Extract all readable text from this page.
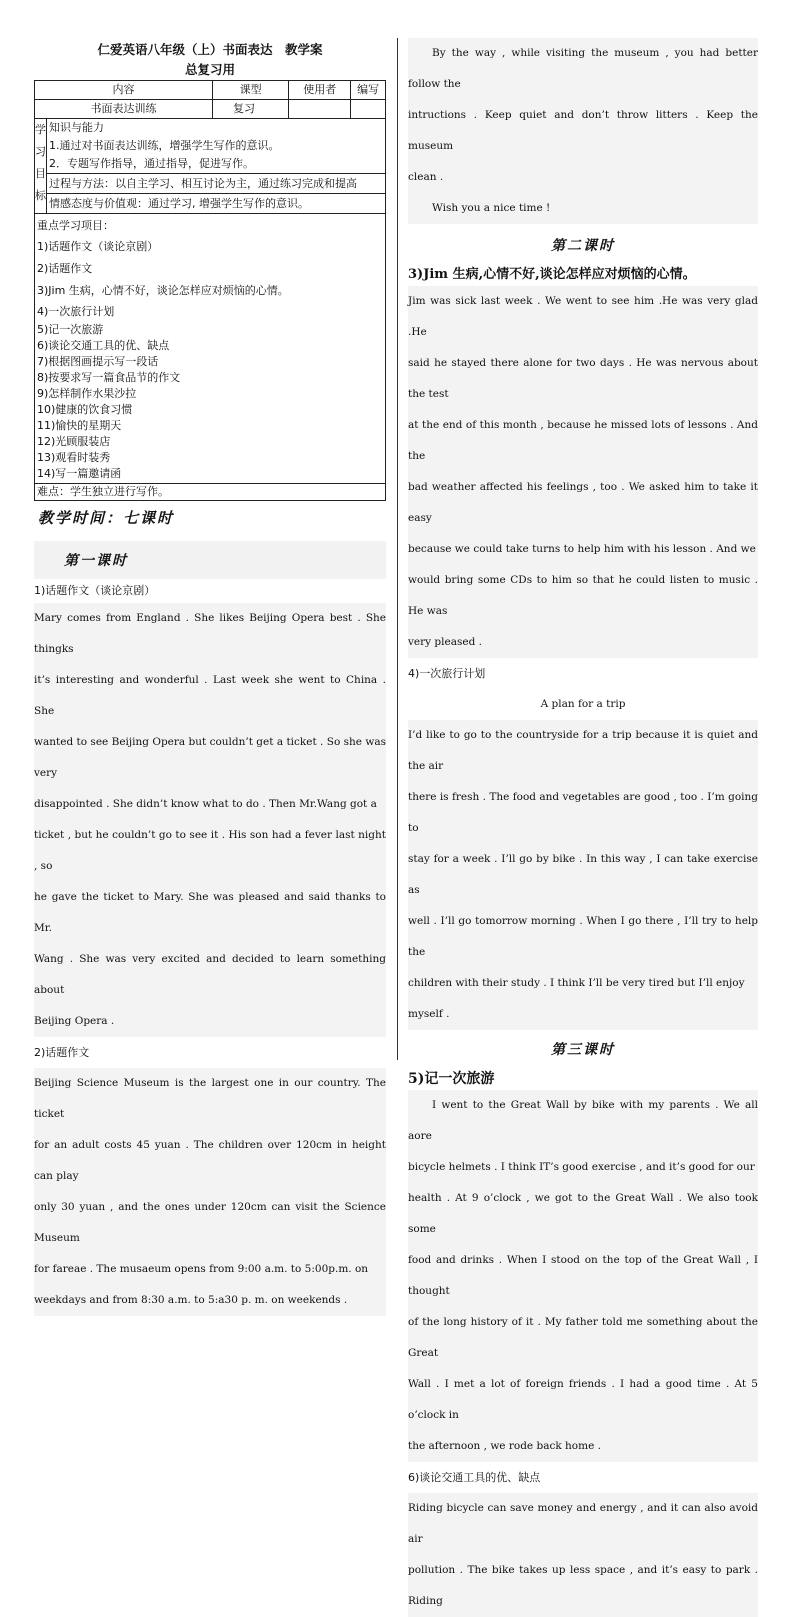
仁爱英语八年级（上）书面表达　教学案
总复习用
内容	课型	使用者	编写
书面表达训练	复习		

学
习
目
标

知识与能力
1.通过对书面表达训练，增强学生写作的意识。
2．专题写作指导，通过指导，促进写作。

过程与方法：以自主学习、相互讨论为主，通过练习完成和提高
情感态度与价值观：通过学习, 增强学生写作的意识。

重点学习项目：
1)话题作文（谈论京剧）
2)话题作文
3)Jim 生病，心情不好，谈论怎样应对烦恼的心情。
4)一次旅行计划
5)记一次旅游
6)谈论交通工具的优、缺点
7)根据图画提示写一段话
8)按要求写一篇食品节的作文
9)怎样制作水果沙拉
10)健康的饮食习惯
11)愉快的星期天
12)光顾服装店
13)观看时装秀
14)写一篇邀请函

难点：学生独立进行写作。
教学时间：七课时
第一课时
1)话题作文（谈论京剧）

Mary comes from England . She likes Beijing Opera best . She thingks

it’s interesting and wonderful . Last week she went to China . She

wanted to see Beijing Opera but couldn’t get a ticket . So she was very

disappointed . She didn’t know what to do . Then Mr.Wang got a

ticket , but he couldn’t go to see it . His son had a fever last night , so

he gave the ticket to Mary. She was pleased and said thanks to Mr.

Wang . She was very excited and decided to learn something about

Beijing Opera .

2)话题作文

Beijing Science Museum is the largest one in our country. The ticket

for an adult costs 45 yuan . The children over 120cm in height can play

only 30 yuan , and the ones under 120cm can visit the Science Museum

for fareae . The musaeum opens from 9:00 a.m. to 5:00p.m. on

weekdays and from 8:30 a.m. to 5:a30 p. m. on weekends .

By the way , while visiting the museum , you had better follow the

intructions . Keep quiet and don’t throw litters . Keep the museum

clean .

Wish you a nice time !

第二课时
3)Jim 生病,心情不好,谈论怎样应对烦恼的心情。

Jim was sick last week . We went to see him .He was very glad .He

said he stayed there alone for two days . He was nervous about the test

at the end of this month , because he missed lots of lessons . And the

bad weather affected his feelings , too . We asked him to take it easy

because we could take turns to help him with his lesson . And we

would bring some CDs to him so that he could listen to music . He was

very pleased .

4)一次旅行计划
A plan for a trip

I’d like to go to the countryside for a trip because it is quiet and the air

there is fresh . The food and vegetables are good , too . I’m going to

stay for a week . I’ll go by bike . In this way , I can take exercise as

well . I’ll go tomorrow morning . When I go there , I’ll try to help the

children with their study . I think I’ll be very tired but I’ll enjoy

myself .

第三课时
5)记一次旅游

I went to the Great Wall by bike with my parents . We all aore

bicycle helmets . I think IT’s good exercise , and it’s good for our

health . At 9 o’clock , we got to the Great Wall . We also took some

food and drinks . When I stood on the top of the Great Wall , I thought

of the long history of it . My father told me something about the Great

Wall . I met a lot of foreign friends . I had a good time . At 5 o’clock in

the afternoon , we rode back home .

6)谈论交通工具的优、缺点

Riding bicycle can save money and energy , and it can also avoid air

pollution . The bike takes up less space , and it’s easy to park . Riding
